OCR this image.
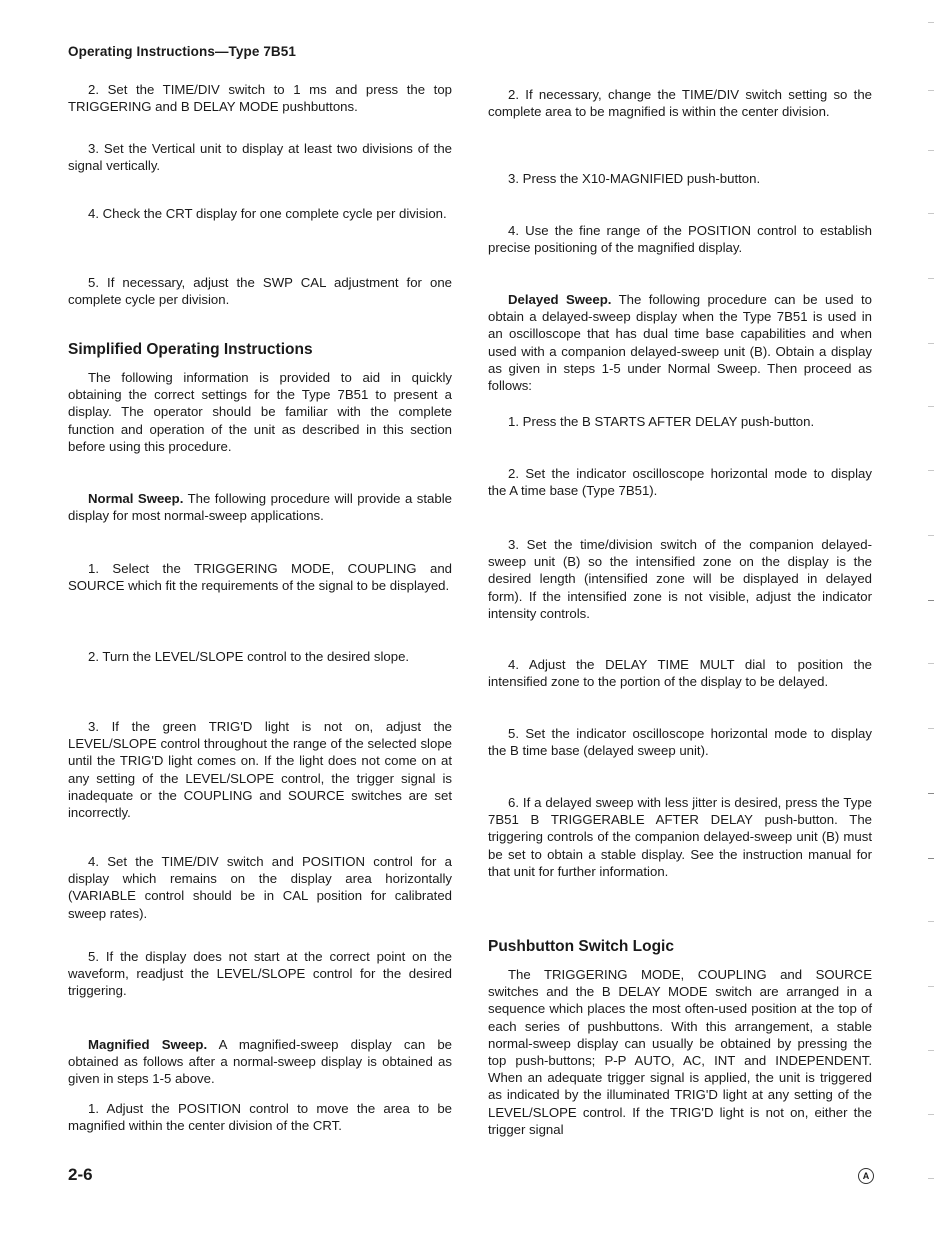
Operating Instructions—Type 7B51

2. Set the TIME/DIV switch to 1 ms and press the top TRIGGERING and B DELAY MODE pushbuttons.

3. Set the Vertical unit to display at least two divisions of the signal vertically.

4. Check the CRT display for one complete cycle per division.

5. If necessary, adjust the SWP CAL adjustment for one complete cycle per division.

Simplified Operating Instructions

The following information is provided to aid in quickly obtaining the correct settings for the Type 7B51 to present a display. The operator should be familiar with the complete function and operation of the unit as described in this section before using this procedure.

Normal Sweep. The following procedure will provide a stable display for most normal-sweep applications.

1. Select the TRIGGERING MODE, COUPLING and SOURCE which fit the requirements of the signal to be displayed.

2. Turn the LEVEL/SLOPE control to the desired slope.

3. If the green TRIG'D light is not on, adjust the LEVEL/SLOPE control throughout the range of the selected slope until the TRIG'D light comes on. If the light does not come on at any setting of the LEVEL/SLOPE control, the trigger signal is inadequate or the COUPLING and SOURCE switches are set incorrectly.

4. Set the TIME/DIV switch and POSITION control for a display which remains on the display area horizontally (VARIABLE control should be in CAL position for calibrated sweep rates).

5. If the display does not start at the correct point on the waveform, readjust the LEVEL/SLOPE control for the desired triggering.

Magnified Sweep. A magnified-sweep display can be obtained as follows after a normal-sweep display is obtained as given in steps 1-5 above.

1. Adjust the POSITION control to move the area to be magnified within the center division of the CRT.

2. If necessary, change the TIME/DIV switch setting so the complete area to be magnified is within the center division.

3. Press the X10-MAGNIFIED push-button.

4. Use the fine range of the POSITION control to establish precise positioning of the magnified display.

Delayed Sweep. The following procedure can be used to obtain a delayed-sweep display when the Type 7B51 is used in an oscilloscope that has dual time base capabilities and when used with a companion delayed-sweep unit (B). Obtain a display as given in steps 1-5 under Normal Sweep. Then proceed as follows:

1. Press the B STARTS AFTER DELAY push-button.

2. Set the indicator oscilloscope horizontal mode to display the A time base (Type 7B51).

3. Set the time/division switch of the companion delayed-sweep unit (B) so the intensified zone on the display is the desired length (intensified zone will be displayed in delayed form). If the intensified zone is not visible, adjust the indicator intensity controls.

4. Adjust the DELAY TIME MULT dial to position the intensified zone to the portion of the display to be delayed.

5. Set the indicator oscilloscope horizontal mode to display the B time base (delayed sweep unit).

6. If a delayed sweep with less jitter is desired, press the Type 7B51 B TRIGGERABLE AFTER DELAY push-button. The triggering controls of the companion delayed-sweep unit (B) must be set to obtain a stable display. See the instruction manual for that unit for further information.

Pushbutton Switch Logic

The TRIGGERING MODE, COUPLING and SOURCE switches and the B DELAY MODE switch are arranged in a sequence which places the most often-used position at the top of each series of pushbuttons. With this arrangement, a stable normal-sweep display can usually be obtained by pressing the top push-buttons; P-P AUTO, AC, INT and INDEPENDENT. When an adequate trigger signal is applied, the unit is triggered as indicated by the illuminated TRIG'D light at any setting of the LEVEL/SLOPE control. If the TRIG'D light is not on, either the trigger signal

2-6	A
